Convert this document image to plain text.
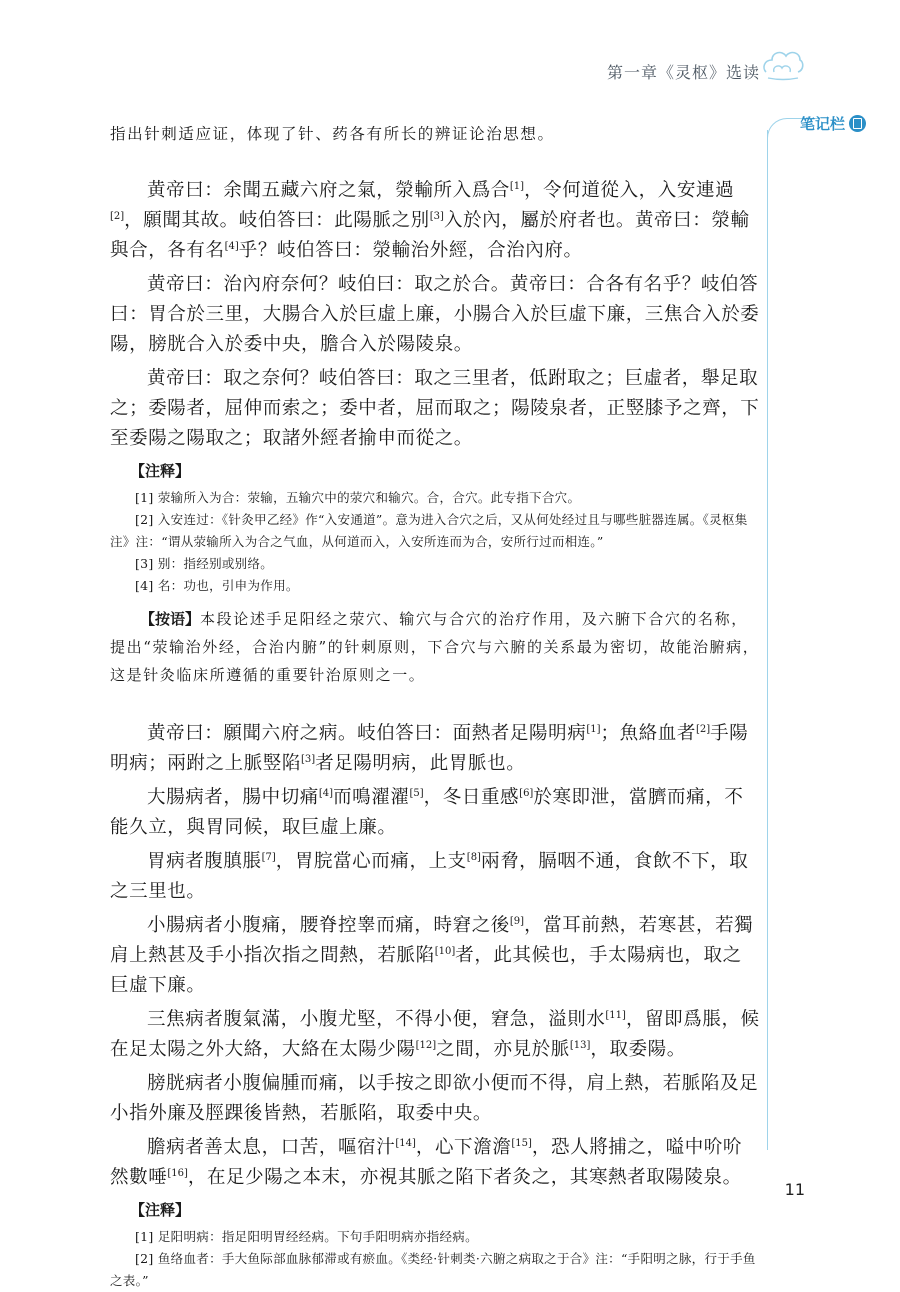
第一章《灵枢》选读
笔记栏

指出针刺适应证，体现了针、药各有所长的辨证论治思想。

黄帝曰：余聞五藏六府之氣，滎輸所入爲合[1]，令何道從入，入安連過[2]，願聞其故。岐伯答曰：此陽脈之別[3]入於內，屬於府者也。黄帝曰：滎輸與合，各有名[4]乎？岐伯答曰：滎輸治外經，合治內府。

黄帝曰：治內府奈何？岐伯曰：取之於合。黄帝曰：合各有名乎？岐伯答曰：胃合於三里，大腸合入於巨虛上廉，小腸合入於巨虛下廉，三焦合入於委陽，膀胱合入於委中央，膽合入於陽陵泉。

黄帝曰：取之奈何？岐伯答曰：取之三里者，低跗取之；巨虛者，舉足取之；委陽者，屈伸而索之；委中者，屈而取之；陽陵泉者，正竪膝予之齊，下至委陽之陽取之；取諸外經者揄申而從之。

【注释】

[1] 荥输所入为合：荥输，五输穴中的荥穴和输穴。合，合穴。此专指下合穴。

[2] 入安连过：《针灸甲乙经》作“入安通道”。意为进入合穴之后，又从何处经过且与哪些脏器连属。《灵枢集注》注：“谓从荥输所入为合之气血，从何道而入，入安所连而为合，安所行过而相连。”

[3] 别：指经别或别络。

[4] 名：功也，引申为作用。

【按语】本段论述手足阳经之荥穴、输穴与合穴的治疗作用，及六腑下合穴的名称，提出“荥输治外经，合治内腑”的针刺原则，下合穴与六腑的关系最为密切，故能治腑病，这是针灸临床所遵循的重要针治原则之一。

黄帝曰：願聞六府之病。岐伯答曰：面熱者足陽明病[1]；魚絡血者[2]手陽明病；兩跗之上脈竪陷[3]者足陽明病，此胃脈也。

大腸病者，腸中切痛[4]而鳴濯濯[5]，冬日重感[6]於寒即泄，當臍而痛，不能久立，與胃同候，取巨虛上廉。

胃病者腹䐜脹[7]，胃脘當心而痛，上支[8]兩脅，膈咽不通，食飲不下，取之三里也。

小腸病者小腹痛，腰脊控睾而痛，時窘之後[9]，當耳前熱，若寒甚，若獨肩上熱甚及手小指次指之間熱，若脈陷[10]者，此其候也，手太陽病也，取之巨虛下廉。

三焦病者腹氣滿，小腹尤堅，不得小便，窘急，溢則水[11]，留即爲脹，候在足太陽之外大絡，大絡在太陽少陽[12]之間，亦見於脈[13]，取委陽。

膀胱病者小腹偏腫而痛，以手按之即欲小便而不得，肩上熱，若脈陷及足小指外廉及脛踝後皆熱，若脈陷，取委中央。

膽病者善太息，口苦，嘔宿汁[14]，心下澹澹[15]，恐人將捕之，嗌中吤吤然數唾[16]，在足少陽之本末，亦視其脈之陷下者灸之，其寒熱者取陽陵泉。

【注释】

[1] 足阳明病：指足阳明胃经经病。下句手阳明病亦指经病。

[2] 鱼络血者：手大鱼际部血脉郁滞或有瘀血。《类经·针刺类·六腑之病取之于合》注：“手阳明之脉，行于手鱼之表。”

11
